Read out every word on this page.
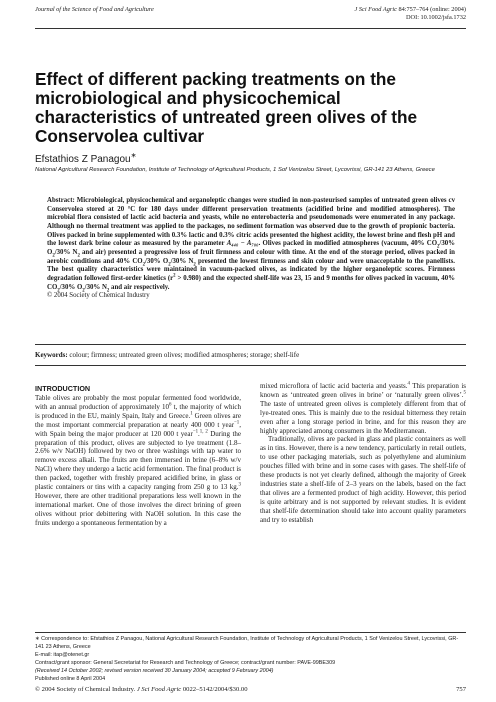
Journal of the Science of Food and Agriculture	J Sci Food Agric 84:757–764 (online: 2004)
DOI: 10.1002/jsfa.1732
Effect of different packing treatments on the microbiological and physicochemical characteristics of untreated green olives of the Conservolea cultivar
Efstathios Z Panagou∗
National Agricultural Research Foundation, Institute of Technology of Agricultural Products, 1 Sof Venizelou Street, Lycovrissi, GR-141 23 Athens, Greece

Abstract: Microbiological, physicochemical and organoleptic changes were studied in non-pasteurised samples of untreated green olives cv Conservolea stored at 20 °C for 180 days under different preservation treatments (acidified brine and modified atmospheres). The microbial flora consisted of lactic acid bacteria and yeasts, while no enterobacteria and pseudomonads were enumerated in any package. Although no thermal treatment was applied to the packages, no sediment formation was observed due to the growth of propionic bacteria. Olives packed in brine supplemented with 0.3% lactic and 0.3% citric acids presented the highest acidity, the lowest brine and flesh pH and the lowest dark brine colour as measured by the parameter A₄₄₀ − A₇₀₀. Olives packed in modified atmospheres (vacuum, 40% $CO_2/30\%$ $O_2/30\%$ $N_2$ and air) presented a progressive loss of fruit firmness and colour with time. At the end of the storage period, olives packed in aerobic conditions and 40% $CO_2/30\%$ $O_2/30\%$ $N_2$ presented the lowest firmness and skin colour and were unacceptable to the panellists. The best quality characteristics were maintained in vacuum-packed olives, as indicated by the higher organoleptic scores. Firmness degradation followed first-order kinetics $(r^2 > 0.980)$ and the expected shelf-life was 23, 15 and 9 months for olives packed in vacuum, 40% $CO_2/30\%$ $O_2/30\%$ $N_2$ and air respectively.
© 2004 Society of Chemical Industry

Keywords: colour; firmness; untreated green olives; modified atmospheres; storage; shelf-life
INTRODUCTION

Table olives are probably the most popular fermented food worldwide, with an annual production of approximately $10^6$ t, the majority of which is produced in the EU, mainly Spain, Italy and Greece.$^1$ Green olives are the most important commercial preparation at nearly 400 000 t year$^{-1}$, with Spain being the major producer at 120 000 t year$^{-1}$.$^{1, 2}$ During the preparation of this product, olives are subjected to lye treatment (1.8–2.6% w/v NaOH) followed by two or three washings with tap water to remove excess alkali. The fruits are then immersed in brine (6–8% w/v NaCl) where they undergo a lactic acid fermentation. The final product is then packed, together with freshly prepared acidified brine, in glass or plastic containers or tins with a capacity ranging from 250 g to 13 kg.$^3$ However, there are other traditional preparations less well known in the international market. One of those involves the direct brining of green olives without prior debittering with NaOH solution. In this case the fruits undergo a spontaneous fermentation by a

mixed microflora of lactic acid bacteria and yeasts.$^4$ This preparation is known as ‘untreated green olives in brine’ or ‘naturally green olives’.$^5$ The taste of untreated green olives is completely different from that of lye-treated ones. This is mainly due to the residual bitterness they retain even after a long storage period in brine, and for this reason they are highly appreciated among consumers in the Mediterranean.

Traditionally, olives are packed in glass and plastic containers as well as in tins. However, there is a new tendency, particularly in retail outlets, to use other packaging materials, such as polyethylene and aluminium pouches filled with brine and in some cases with gases. The shelf-life of these products is not yet clearly defined, although the majority of Greek industries state a shelf-life of 2–3 years on the labels, based on the fact that olives are a fermented product of high acidity. However, this period is quite arbitrary and is not supported by relevant studies. It is evident that shelf-life determination should take into account quality parameters and try to establish

∗ Correspondence to: Efstathios Z Panagou, National Agricultural Research Foundation, Institute of Technology of Agricultural Products, 1 Sof Venizelou Street, Lycovrissi, GR-141 23 Athens, Greece

E-mail: itap@otenet.gr

Contract/grant sponsor: General Secretariat for Research and Technology of Greece; contract/grant number: PAVE-99BE309

(Received 14 October 2002; revised version received 30 January 2004; accepted 9 February 2004)

Published online 8 April 2004

© 2004 Society of Chemical Industry. J Sci Food Agric 0022–5142/2004/$30.00	757
